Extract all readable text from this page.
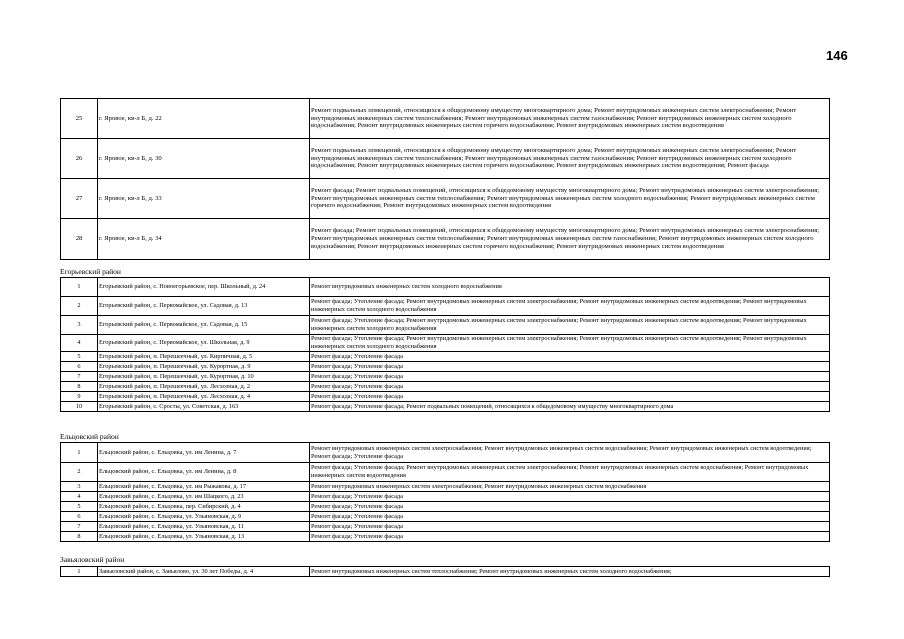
146
25	г. Яровое, кв-л Б, д. 22	Ремонт подвальных помещений, относящихся к общедомовому имуществу многоквартирного дома; Ремонт внутридомовых инженерных систем электроснабжения; Ремонт внутридомовых инженерных систем теплоснабжения; Ремонт внутридомовых инженерных систем газоснабжения; Ремонт внутридомовых инженерных систем холодного водоснабжения; Ремонт внутридомовых инженерных систем горячего водоснабжения; Ремонт внутридомовых инженерных систем водоотведения
26	г. Яровое, кв-л Б, д. 30	Ремонт подвальных помещений, относящихся к общедомовому имуществу многоквартирного дома; Ремонт внутридомовых инженерных систем электроснабжения; Ремонт внутридомовых инженерных систем теплоснабжения; Ремонт внутридомовых инженерных систем газоснабжения; Ремонт внутридомовых инженерных систем холодного водоснабжения; Ремонт внутридомовых инженерных систем горячего водоснабжения; Ремонт внутридомовых инженерных систем водоотведения; Ремонт фасада
27	г. Яровое, кв-л Б, д. 33	Ремонт фасада; Ремонт подвальных помещений, относящихся к общедомовому имуществу многоквартирного дома; Ремонт внутридомовых инженерных систем электроснабжения; Ремонт внутридомовых инженерных систем теплоснабжения; Ремонт внутридомовых инженерных систем холодного водоснабжения; Ремонт внутридомовых инженерных систем горячего водоснабжения; Ремонт внутридомовых инженерных систем водоотведения
28	г. Яровое, кв-л Б, д. 34	Ремонт фасада; Ремонт подвальных помещений, относящихся к общедомовому имуществу многоквартирного дома; Ремонт внутридомовых инженерных систем электроснабжения; Ремонт внутридомовых инженерных систем теплоснабжения; Ремонт внутридомовых инженерных систем газоснабжения; Ремонт внутридомовых инженерных систем холодного водоснабжения; Ремонт внутридомовых инженерных систем горячего водоснабжения; Ремонт внутридомовых инженерных систем водоотведения
Егорьевский район
1	Егорьевский район, с. Новоегорьевское, пер. Школьный, д. 24	Ремонт внутридомовых инженерных систем холодного водоснабжения
2	Егорьевский район, с. Первомайское, ул. Садовая, д. 13	Ремонт фасада; Утепление фасада; Ремонт внутридомовых инженерных систем электроснабжения; Ремонт внутридомовых инженерных систем водоотведения; Ремонт внутридомовых инженерных систем холодного водоснабжения
3	Егорьевский район, с. Первомайское, ул. Садовая, д. 15	Ремонт фасада; Утепление фасада; Ремонт внутридомовых инженерных систем электроснабжения; Ремонт внутридомовых инженерных систем водоотведения; Ремонт внутридомовых инженерных систем холодного водоснабжения
4	Егорьевский район, с. Первомайское, ул. Школьная, д. 9	Ремонт фасада; Утепление фасада; Ремонт внутридомовых инженерных систем электроснабжения; Ремонт внутридомовых инженерных систем водоотведения; Ремонт внутридомовых инженерных систем холодного водоснабжения
5	Егорьевский район, п. Перешеечный, ул. Кирпичная, д. 5	Ремонт фасада; Утепление фасада
6	Егорьевский район, п. Перешеечный, ул. Курортная, д. 9	Ремонт фасада; Утепление фасада
7	Егорьевский район, п. Перешеечный, ул. Курортная, д. 10	Ремонт фасада; Утепление фасада
8	Егорьевский район, п. Перешеечный, ул. Лесхозная, д. 2	Ремонт фасада; Утепление фасада
9	Егорьевский район, п. Перешеечный, ул. Лесхозная, д. 4	Ремонт фасада; Утепление фасада
10	Егорьевский район, с. Сросты, ул. Советская, д. 163	Ремонт фасада; Утепление фасада; Ремонт подвальных помещений, относящихся к общедомовому имуществу многоквартирного дома
Ельцовский район
1	Ельцовский район, с. Ельцовка, ул. им Ленина, д. 7	Ремонт внутридомовых инженерных систем электроснабжения; Ремонт внутридомовых инженерных систем водоснабжения; Ремонт внутридомовых инженерных систем водоотведения; Ремонт фасада; Утепление фасада
2	Ельцовский район, с. Ельцовка, ул. им Ленина, д. 8	Ремонт фасада; Утепление фасада; Ремонт внутридомовых инженерных систем электроснабжения; Ремонт внутридомовых инженерных систем водоснабжения; Ремонт внутридомовых инженерных систем водоотведения
3	Ельцовский район, с. Ельцовка, ул. им Рыжакова, д. 17	Ремонт внутридомовых инженерных систем электроснабжения; Ремонт внутридомовых инженерных систем водоснабжения
4	Ельцовский район, с. Ельцовка, ул. им Шацкого, д. 23	Ремонт фасада; Утепление фасада
5	Ельцовский район, с. Ельцовка, пер. Сибирский, д. 4	Ремонт фасада; Утепление фасада
6	Ельцовский район, с. Ельцовка, ул. Ульяновская, д. 9	Ремонт фасада; Утепление фасада
7	Ельцовский район, с. Ельцовка, ул. Ульяновская, д. 11	Ремонт фасада; Утепление фасада
8	Ельцовский район, с. Ельцовка, ул. Ульяновская, д. 13	Ремонт фасада; Утепление фасада
Завьяловский район
1	Завьяловский район, с. Завьялово, ул. 30 лет Победы, д. 4	Ремонт внутридомовых инженерных систем теплоснабжения; Ремонт внутридомовых инженерных систем холодного водоснабжения;
